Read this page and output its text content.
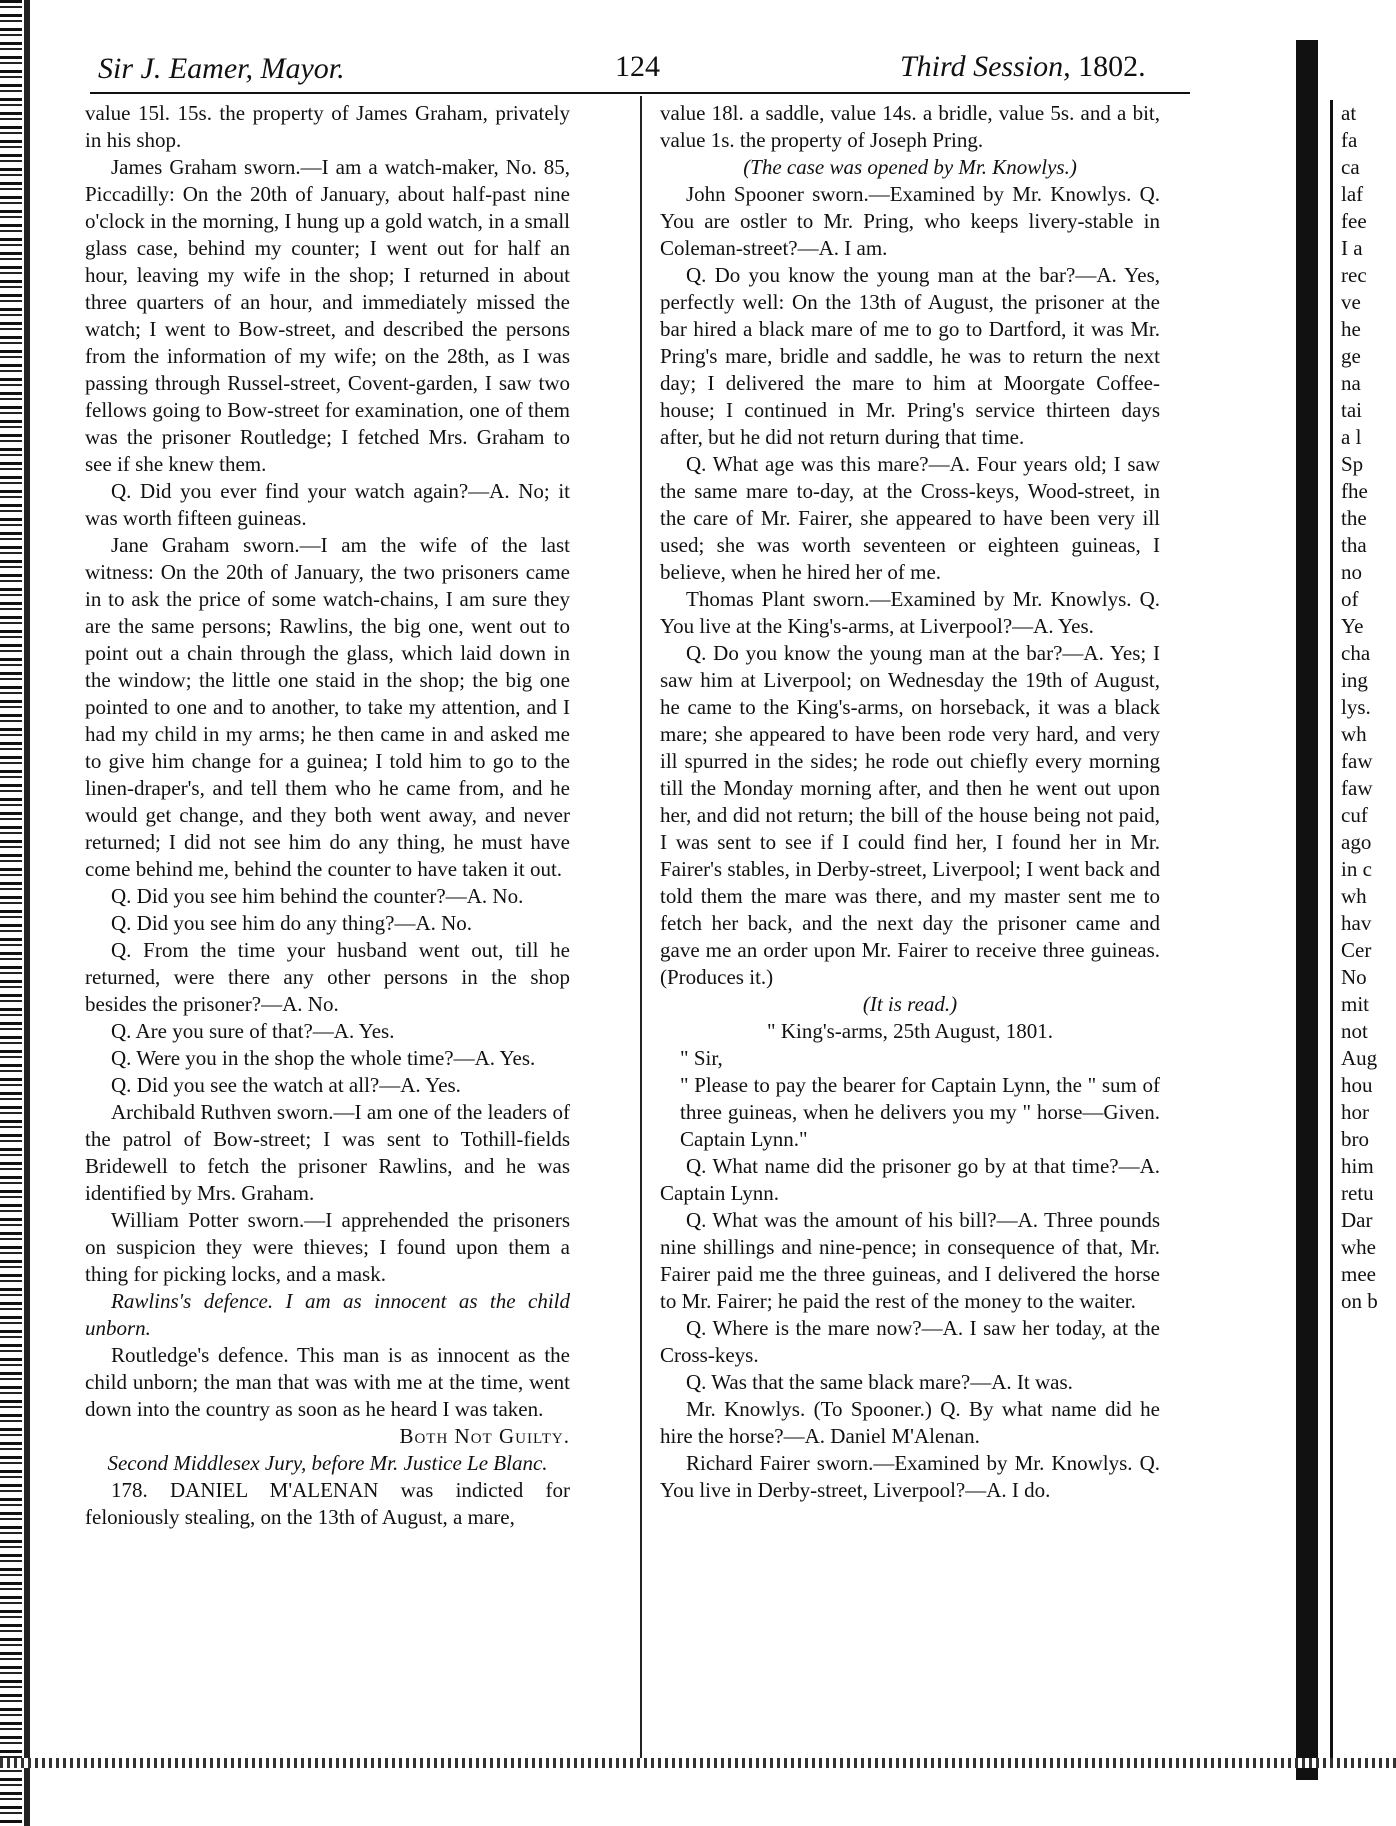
Sir J. Eamer, Mayor.	124	Third Session, 1802.

value 15l. 15s. the property of James Graham, privately in his shop.

James Graham sworn.—I am a watch-maker, No. 85, Piccadilly: On the 20th of January, about half-past nine o'clock in the morning, I hung up a gold watch, in a small glass case, behind my counter; I went out for half an hour, leaving my wife in the shop; I returned in about three quarters of an hour, and immediately missed the watch; I went to Bow-street, and described the persons from the information of my wife; on the 28th, as I was passing through Russel-street, Covent-garden, I saw two fellows going to Bow-street for examination, one of them was the prisoner Routledge; I fetched Mrs. Graham to see if she knew them.

Q. Did you ever find your watch again?—A. No; it was worth fifteen guineas.

Jane Graham sworn.—I am the wife of the last witness: On the 20th of January, the two prisoners came in to ask the price of some watch-chains, I am sure they are the same persons; Rawlins, the big one, went out to point out a chain through the glass, which laid down in the window; the little one staid in the shop; the big one pointed to one and to another, to take my attention, and I had my child in my arms; he then came in and asked me to give him change for a guinea; I told him to go to the linen-draper's, and tell them who he came from, and he would get change, and they both went away, and never returned; I did not see him do any thing, he must have come behind me, behind the counter to have taken it out.

Q. Did you see him behind the counter?—A. No.

Q. Did you see him do any thing?—A. No.

Q. From the time your husband went out, till he returned, were there any other persons in the shop besides the prisoner?—A. No.

Q. Are you sure of that?—A. Yes.

Q. Were you in the shop the whole time?—A. Yes.

Q. Did you see the watch at all?—A. Yes.

Archibald Ruthven sworn.—I am one of the leaders of the patrol of Bow-street; I was sent to Tothill-fields Bridewell to fetch the prisoner Rawlins, and he was identified by Mrs. Graham.

William Potter sworn.—I apprehended the prisoners on suspicion they were thieves; I found upon them a thing for picking locks, and a mask.

Rawlins's defence. I am as innocent as the child unborn.

Routledge's defence. This man is as innocent as the child unborn; the man that was with me at the time, went down into the country as soon as he heard I was taken.

Both Not Guilty.

Second Middlesex Jury, before Mr. Justice Le Blanc.

178. DANIEL M'ALENAN was indicted for feloniously stealing, on the 13th of August, a mare,

value 18l. a saddle, value 14s. a bridle, value 5s. and a bit, value 1s. the property of Joseph Pring.

(The case was opened by Mr. Knowlys.)

John Spooner sworn.—Examined by Mr. Knowlys. Q. You are ostler to Mr. Pring, who keeps livery-stable in Coleman-street?—A. I am.

Q. Do you know the young man at the bar?—A. Yes, perfectly well: On the 13th of August, the prisoner at the bar hired a black mare of me to go to Dartford, it was Mr. Pring's mare, bridle and saddle, he was to return the next day; I delivered the mare to him at Moorgate Coffee-house; I continued in Mr. Pring's service thirteen days after, but he did not return during that time.

Q. What age was this mare?—A. Four years old; I saw the same mare to-day, at the Cross-keys, Wood-street, in the care of Mr. Fairer, she appeared to have been very ill used; she was worth seventeen or eighteen guineas, I believe, when he hired her of me.

Thomas Plant sworn.—Examined by Mr. Knowlys. Q. You live at the King's-arms, at Liverpool?—A. Yes.

Q. Do you know the young man at the bar?—A. Yes; I saw him at Liverpool; on Wednesday the 19th of August, he came to the King's-arms, on horseback, it was a black mare; she appeared to have been rode very hard, and very ill spurred in the sides; he rode out chiefly every morning till the Monday morning after, and then he went out upon her, and did not return; the bill of the house being not paid, I was sent to see if I could find her, I found her in Mr. Fairer's stables, in Derby-street, Liverpool; I went back and told them the mare was there, and my master sent me to fetch her back, and the next day the prisoner came and gave me an order upon Mr. Fairer to receive three guineas. (Produces it.)

(It is read.)

" King's-arms, 25th August, 1801.

" Sir,

" Please to pay the bearer for Captain Lynn, the " sum of three guineas, when he delivers you my " horse—Given. Captain Lynn."

Q. What name did the prisoner go by at that time?—A. Captain Lynn.

Q. What was the amount of his bill?—A. Three pounds nine shillings and nine-pence; in consequence of that, Mr. Fairer paid me the three guineas, and I delivered the horse to Mr. Fairer; he paid the rest of the money to the waiter.

Q. Where is the mare now?—A. I saw her today, at the Cross-keys.

Q. Was that the same black mare?—A. It was.

Mr. Knowlys. (To Spooner.) Q. By what name did he hire the horse?—A. Daniel M'Alenan.

Richard Fairer sworn.—Examined by Mr. Knowlys. Q. You live in Derby-street, Liverpool?—A. I do.

at
fa
ca
laf
fee
I a
rec
ve
he
ge
na
tai
a l
Sp
fhe
the
tha
no
of
Ye
cha
ing
lys.
wh
faw
faw
cuf
ago
in c
wh
hav
Cer
No
mit
not
Aug
hou
hor
bro
him
retu
Dar
whe
mee
on b
